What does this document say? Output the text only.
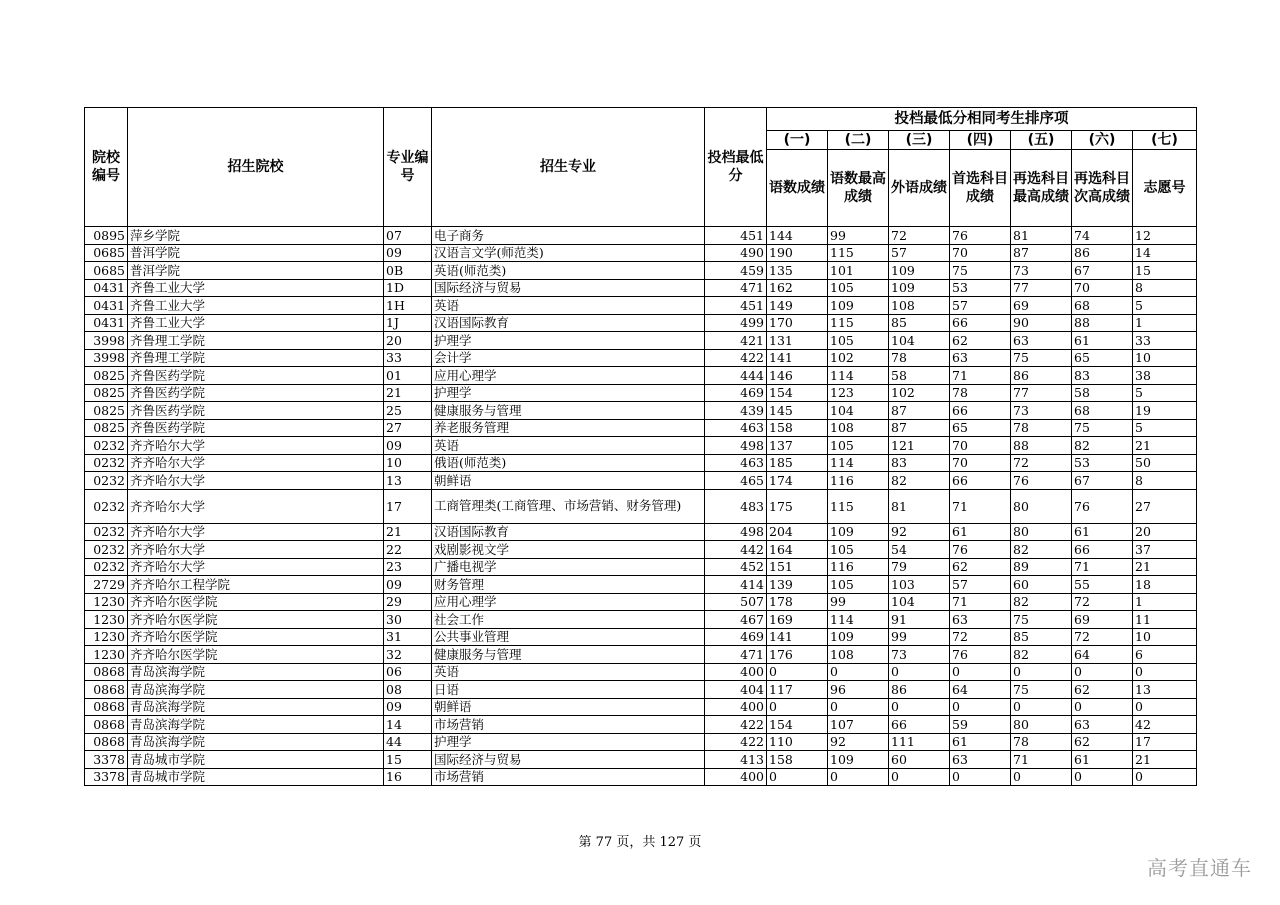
院校编号	招生院校	专业编号	招生专业	投档最低分	投档最低分相同考生排序项						
					(一)	(二)	(三)	(四)	(五)	(六)	(七)
					语数成绩	语数最高成绩	外语成绩	首选科目成绩	再选科目最高成绩	再选科目次高成绩	志愿号
0895	萍乡学院	07	电子商务	451	144	99	72	76	81	74	12
0685	普洱学院	09	汉语言文学(师范类)	490	190	115	57	70	87	86	14
0685	普洱学院	0B	英语(师范类)	459	135	101	109	75	73	67	15
0431	齐鲁工业大学	1D	国际经济与贸易	471	162	105	109	53	77	70	8
0431	齐鲁工业大学	1H	英语	451	149	109	108	57	69	68	5
0431	齐鲁工业大学	1J	汉语国际教育	499	170	115	85	66	90	88	1
3998	齐鲁理工学院	20	护理学	421	131	105	104	62	63	61	33
3998	齐鲁理工学院	33	会计学	422	141	102	78	63	75	65	10
0825	齐鲁医药学院	01	应用心理学	444	146	114	58	71	86	83	38
0825	齐鲁医药学院	21	护理学	469	154	123	102	78	77	58	5
0825	齐鲁医药学院	25	健康服务与管理	439	145	104	87	66	73	68	19
0825	齐鲁医药学院	27	养老服务管理	463	158	108	87	65	78	75	5
0232	齐齐哈尔大学	09	英语	498	137	105	121	70	88	82	21
0232	齐齐哈尔大学	10	俄语(师范类)	463	185	114	83	70	72	53	50
0232	齐齐哈尔大学	13	朝鲜语	465	174	116	82	66	76	67	8
0232	齐齐哈尔大学	17	工商管理类(工商管理、市场营销、财务管理)	483	175	115	81	71	80	76	27
0232	齐齐哈尔大学	21	汉语国际教育	498	204	109	92	61	80	61	20
0232	齐齐哈尔大学	22	戏剧影视文学	442	164	105	54	76	82	66	37
0232	齐齐哈尔大学	23	广播电视学	452	151	116	79	62	89	71	21
2729	齐齐哈尔工程学院	09	财务管理	414	139	105	103	57	60	55	18
1230	齐齐哈尔医学院	29	应用心理学	507	178	99	104	71	82	72	1
1230	齐齐哈尔医学院	30	社会工作	467	169	114	91	63	75	69	11
1230	齐齐哈尔医学院	31	公共事业管理	469	141	109	99	72	85	72	10
1230	齐齐哈尔医学院	32	健康服务与管理	471	176	108	73	76	82	64	6
0868	青岛滨海学院	06	英语	400	0	0	0	0	0	0	0
0868	青岛滨海学院	08	日语	404	117	96	86	64	75	62	13
0868	青岛滨海学院	09	朝鲜语	400	0	0	0	0	0	0	0
0868	青岛滨海学院	14	市场营销	422	154	107	66	59	80	63	42
0868	青岛滨海学院	44	护理学	422	110	92	111	61	78	62	17
3378	青岛城市学院	15	国际经济与贸易	413	158	109	60	63	71	61	21
3378	青岛城市学院	16	市场营销	400	0	0	0	0	0	0	0
第 77 页，共 127 页
高考直通车
